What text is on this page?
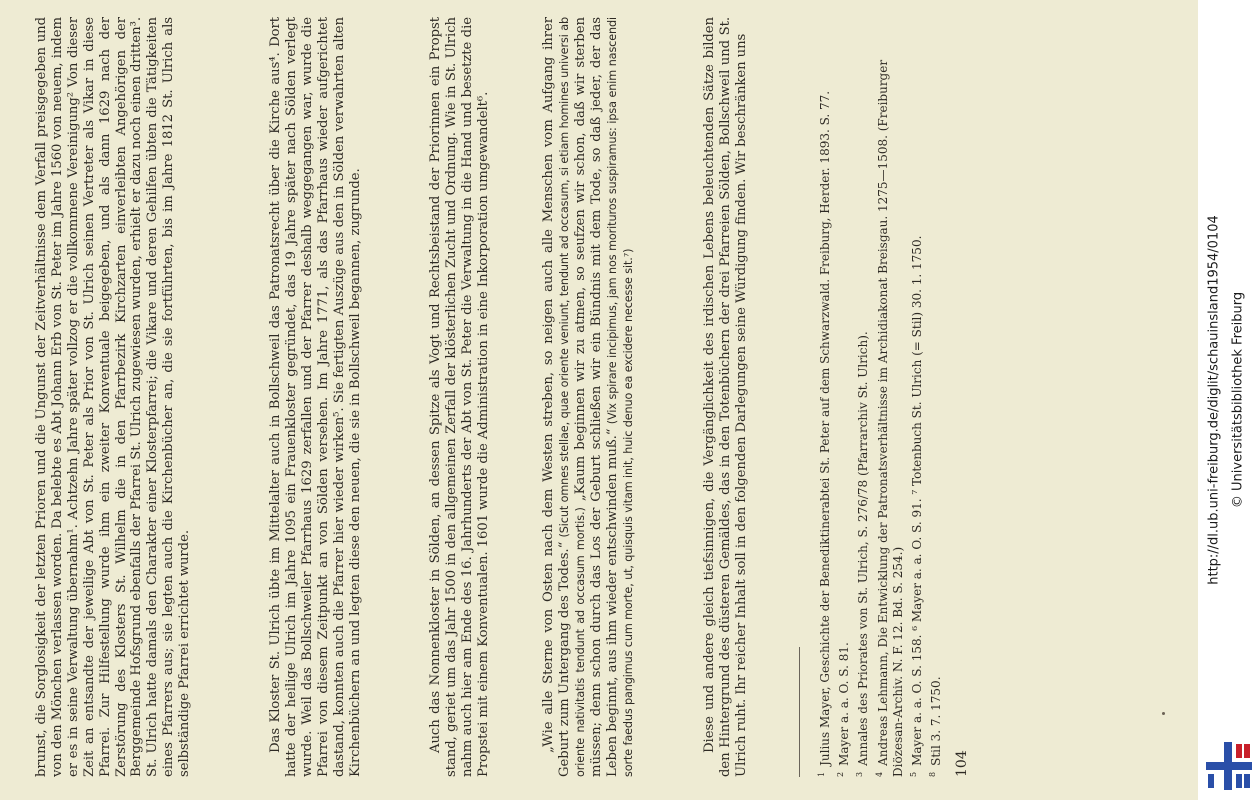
brunst, die Sorglosigkeit der letzten Prioren und die Ungunst der Zeitverhältnisse dem Verfall preisgegeben und von den Mönchen verlassen worden. Da belebte es Abt Johann Erb von St. Peter im Jahre 1560 von neuem, indem er es in seine Verwaltung übernahm¹. Achtzehn Jahre später vollzog er die vollkommene Vereinigung² Von dieser Zeit an entsandte der jeweilige Abt von St. Peter als Prior von St. Ulrich seinen Vertreter als Vikar in diese Pfarrei. Zur Hilfestellung wurde ihm ein zweiter Konventuale beigegeben, und als dann 1629 nach der Zerstörung des Klosters St. Wilhelm die in den Pfarrbezirk Kirchzarten einverleibten Angehörigen der Berggemeinde Hofsgrund ebenfalls der Pfarrei St. Ulrich zugewiesen wurden, erhielt er dazu noch einen dritten³. St. Ulrich hatte damals den Charakter einer Klosterpfarrei; die Vikare und deren Gehilfen übten die Tätigkeiten eines Pfarrers aus; sie legten auch die Kirchenbücher an, die sie fortführten, bis im Jahre 1812 St. Ulrich als selbständige Pfarrei errichtet wurde.	Das Kloster St. Ulrich übte im Mittelalter auch in Bollschweil das Patronatsrecht über die Kirche aus⁴. Dort hatte der heilige Ulrich im Jahre 1095 ein Frauenkloster gegründet, das 19 Jahre später nach Sölden verlegt wurde. Weil das Bollschweiler Pfarrhaus 1629 zerfallen und der Pfarrer deshalb weggegangen war, wurde die Pfarrei von diesem Zeitpunkt an von Sölden versehen. Im Jahre 1771, als das Pfarrhaus wieder aufgerichtet dastand, konnten auch die Pfarrer hier wieder wirken⁵. Sie fertigten Auszüge aus den in Sölden verwahrten alten Kirchenbüchern an und legten diese den neuen, die sie in Bollschweil begannen, zugrunde.	Auch das Nonnenkloster in Sölden, an dessen Spitze als Vogt und Rechtsbeistand der Priorinnen ein Propst stand, geriet um das Jahr 1500 in den allgemeinen Zerfall der klösterlichen Zucht und Ordnung. Wie in St. Ulrich nahm auch hier am Ende des 16. Jahrhunderts der Abt von St. Peter die Verwaltung in die Hand und besetzte die Propstei mit einem Konventualen. 1601 wurde die Administration in eine Inkorporation umgewandelt⁶.	„Wie alle Sterne von Osten nach dem Westen streben, so neigen auch alle Menschen vom Aufgang ihrer Geburt zum Untergang des Todes.“ (Sicut omnes stellae, quae oriente veniunt, tendunt ad occasum, si etiam homines universi ab oriente nativitatis tendunt ad occasum mortis.) „Kaum beginnen wir zu atmen, so seufzen wir schon, daß wir sterben müssen; denn schon durch das Los der Geburt schließen wir ein Bündnis mit dem Tode, so daß jeder, der das Leben beginnt, aus ihm wieder entschwinden muß.“ (Vix spirare incipimus, jam nos morituros suspiramus: ipsa enim nascendi sorte faedus pangimus cum morte, ut, quisquis vitam init, huic denuo ea excidere necesse sit.⁷)	Diese und andere gleich tiefsinnigen, die Vergänglichkeit des irdischen Lebens beleuchtenden Sätze bilden den Hintergrund des düsteren Gemäldes, das in den Totenbüchern der drei Pfarreien Sölden, Bollschweil und St. Ulrich ruht. Ihr reicher Inhalt soll in den folgenden Darlegungen seine Würdigung finden. Wir beschränken uns	$^1$Julius Mayer, Geschichte der Benediktinerabtei St. Peter auf dem Schwarzwald. Freiburg, Herder. 1893. S. 77.
$^2$Mayer a. a. O. S. 81.
$^3$Annales des Priorates von St. Ulrich, S. 276/78 (Pfarrarchiv St. Ulrich).
$^4$Andreas Lehmann, Die Entwicklung der Patronatsverhältnisse im Archidiakonat Breisgau. 1275—1508. (Freiburger Diözesan-Archiv. N. F. 12. Bd. S. 254.) $^5$Mayer a. a. O. S. 158. ⁶ Mayer a. a. O. S. 91. ⁷ Totenbuch St. Ulrich (= Stil) 30. 1. 1750.
$^8$Stil 3. 7. 1750. 104
http://dl.ub.uni-freiburg.de/diglit/schauinsland1954/0104 © Universitätsbibliothek Freiburg
